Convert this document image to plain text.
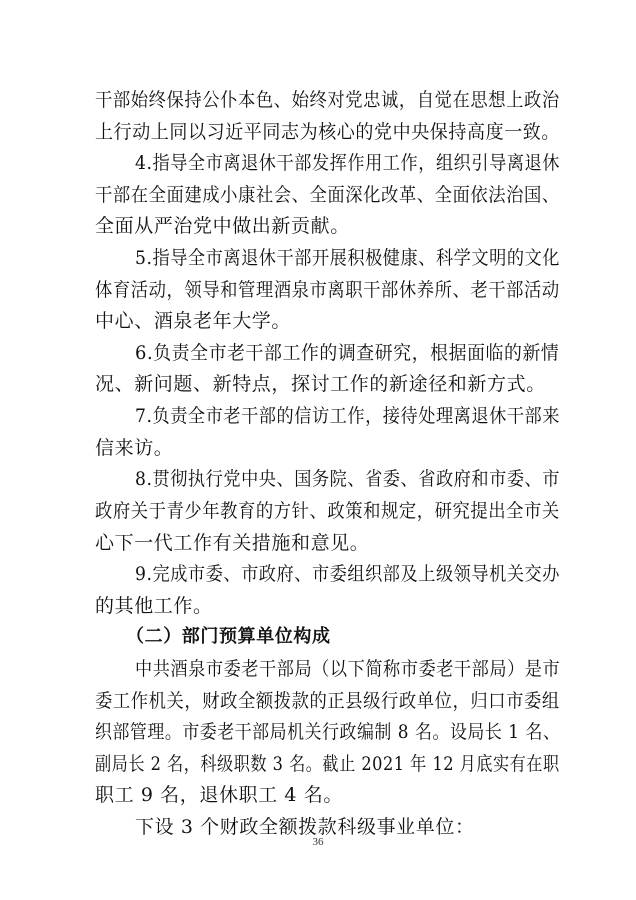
干部始终保持公仆本色、始终对党忠诚，自觉在思想上政治
上行动上同以习近平同志为核心的党中央保持高度一致。
4.指导全市离退休干部发挥作用工作，组织引导离退休
干部在全面建成小康社会、全面深化改革、全面依法治国、
全面从严治党中做出新贡献。
5.指导全市离退休干部开展积极健康、科学文明的文化
体育活动，领导和管理酒泉市离职干部休养所、老干部活动
中心、酒泉老年大学。
6.负责全市老干部工作的调查研究，根据面临的新情
况、新问题、新特点，探讨工作的新途径和新方式。
7.负责全市老干部的信访工作，接待处理离退休干部来
信来访。
8.贯彻执行党中央、国务院、省委、省政府和市委、市
政府关于青少年教育的方针、政策和规定，研究提出全市关
心下一代工作有关措施和意见。
9.完成市委、市政府、市委组织部及上级领导机关交办
的其他工作。
（二）部门预算单位构成
中共酒泉市委老干部局（以下简称市委老干部局）是市
委工作机关，财政全额拨款的正县级行政单位，归口市委组
织部管理。市委老干部局机关行政编制 8 名。设局长 1 名、
副局长 2 名，科级职数 3 名。截止 2021 年 12 月底实有在职
职工 9 名，退休职工 4 名。
下设 3 个财政全额拨款科级事业单位：
36
